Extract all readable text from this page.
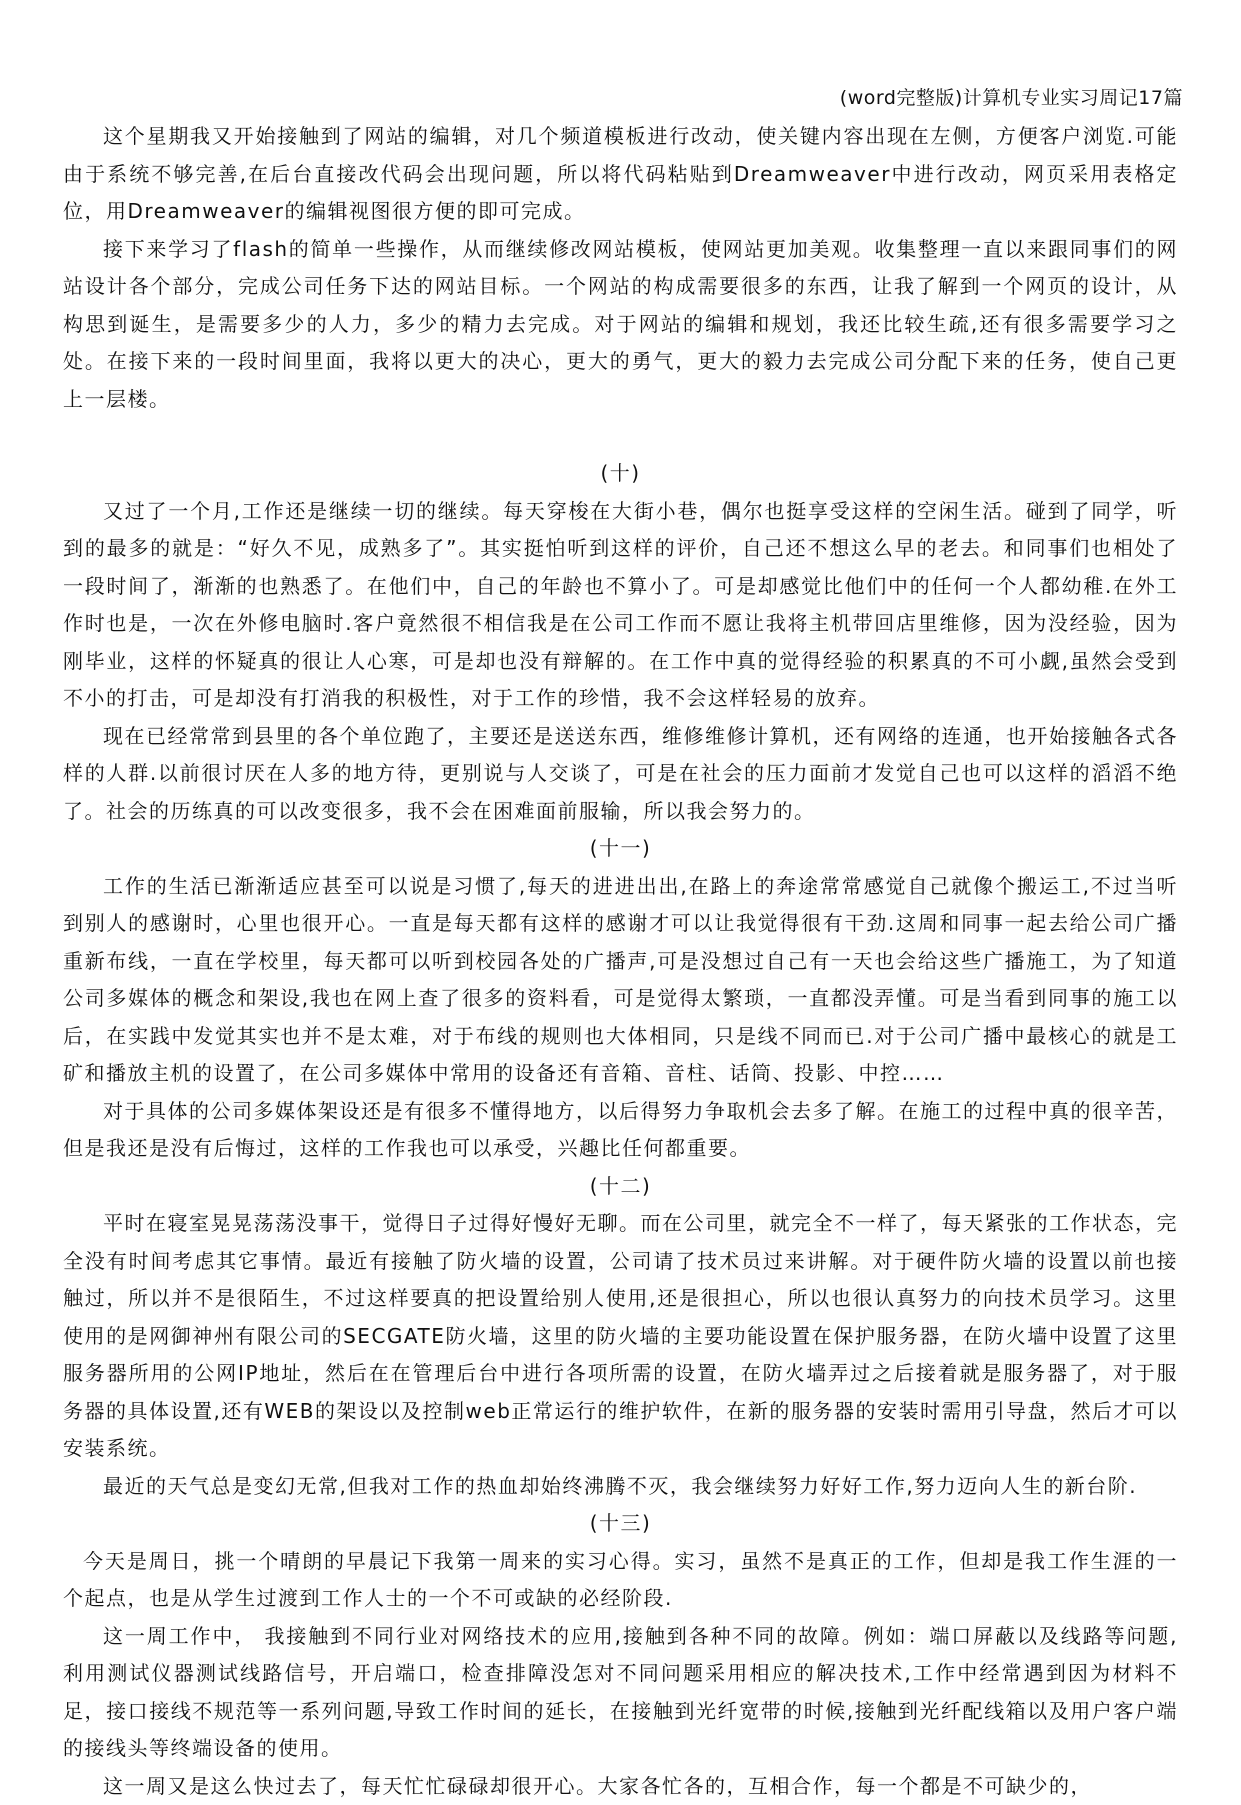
(word完整版)计算机专业实习周记17篇

这个星期我又开始接触到了网站的编辑，对几个频道模板进行改动，使关键内容出现在左侧，方便客户浏览.可能由于系统不够完善,在后台直接改代码会出现问题，所以将代码粘贴到Dreamweaver中进行改动，网页采用表格定位，用Dreamweaver的编辑视图很方便的即可完成。

接下来学习了flash的简单一些操作，从而继续修改网站模板，使网站更加美观。收集整理一直以来跟同事们的网站设计各个部分，完成公司任务下达的网站目标。一个网站的构成需要很多的东西，让我了解到一个网页的设计，从构思到诞生，是需要多少的人力，多少的精力去完成。对于网站的编辑和规划，我还比较生疏,还有很多需要学习之处。在接下来的一段时间里面，我将以更大的决心，更大的勇气，更大的毅力去完成公司分配下来的任务，使自己更上一层楼。

(十)

又过了一个月,工作还是继续一切的继续。每天穿梭在大街小巷，偶尔也挺享受这样的空闲生活。碰到了同学，听到的最多的就是：“好久不见，成熟多了”。其实挺怕听到这样的评价，自己还不想这么早的老去。和同事们也相处了一段时间了，渐渐的也熟悉了。在他们中，自己的年龄也不算小了。可是却感觉比他们中的任何一个人都幼稚.在外工作时也是，一次在外修电脑时.客户竟然很不相信我是在公司工作而不愿让我将主机带回店里维修，因为没经验，因为刚毕业，这样的怀疑真的很让人心寒，可是却也没有辩解的。在工作中真的觉得经验的积累真的不可小觑,虽然会受到不小的打击，可是却没有打消我的积极性，对于工作的珍惜，我不会这样轻易的放弃。

现在已经常常到县里的各个单位跑了，主要还是送送东西，维修维修计算机，还有网络的连通，也开始接触各式各样的人群.以前很讨厌在人多的地方待，更别说与人交谈了，可是在社会的压力面前才发觉自己也可以这样的滔滔不绝了。社会的历练真的可以改变很多，我不会在困难面前服输，所以我会努力的。

(十一)

工作的生活已渐渐适应甚至可以说是习惯了,每天的进进出出,在路上的奔途常常感觉自己就像个搬运工,不过当听到别人的感谢时，心里也很开心。一直是每天都有这样的感谢才可以让我觉得很有干劲.这周和同事一起去给公司广播重新布线，一直在学校里，每天都可以听到校园各处的广播声,可是没想过自己有一天也会给这些广播施工，为了知道公司多媒体的概念和架设,我也在网上查了很多的资料看，可是觉得太繁琐，一直都没弄懂。可是当看到同事的施工以后，在实践中发觉其实也并不是太难，对于布线的规则也大体相同，只是线不同而已.对于公司广播中最核心的就是工矿和播放主机的设置了，在公司多媒体中常用的设备还有音箱、音柱、话筒、投影、中控……

对于具体的公司多媒体架设还是有很多不懂得地方，以后得努力争取机会去多了解。在施工的过程中真的很辛苦，但是我还是没有后悔过，这样的工作我也可以承受，兴趣比任何都重要。

(十二)

平时在寝室晃晃荡荡没事干，觉得日子过得好慢好无聊。而在公司里，就完全不一样了，每天紧张的工作状态，完全没有时间考虑其它事情。最近有接触了防火墙的设置，公司请了技术员过来讲解。对于硬件防火墙的设置以前也接触过，所以并不是很陌生，不过这样要真的把设置给别人使用,还是很担心，所以也很认真努力的向技术员学习。这里使用的是网御神州有限公司的SECGATE防火墙，这里的防火墙的主要功能设置在保护服务器，在防火墙中设置了这里服务器所用的公网IP地址，然后在在管理后台中进行各项所需的设置，在防火墙弄过之后接着就是服务器了，对于服务器的具体设置,还有WEB的架设以及控制web正常运行的维护软件，在新的服务器的安装时需用引导盘，然后才可以安装系统。

最近的天气总是变幻无常,但我对工作的热血却始终沸腾不灭，我会继续努力好好工作,努力迈向人生的新台阶.

(十三)

今天是周日，挑一个晴朗的早晨记下我第一周来的实习心得。实习，虽然不是真正的工作，但却是我工作生涯的一个起点，也是从学生过渡到工作人士的一个不可或缺的必经阶段.

这一周工作中， 我接触到不同行业对网络技术的应用,接触到各种不同的故障。例如：端口屏蔽以及线路等问题,利用测试仪器测试线路信号，开启端口，检查排障没怎对不同问题采用相应的解决技术,工作中经常遇到因为材料不足，接口接线不规范等一系列问题,导致工作时间的延长，在接触到光纤宽带的时候,接触到光纤配线箱以及用户客户端的接线头等终端设备的使用。

这一周又是这么快过去了，每天忙忙碌碌却很开心。大家各忙各的，互相合作，每一个都是不可缺少的，
